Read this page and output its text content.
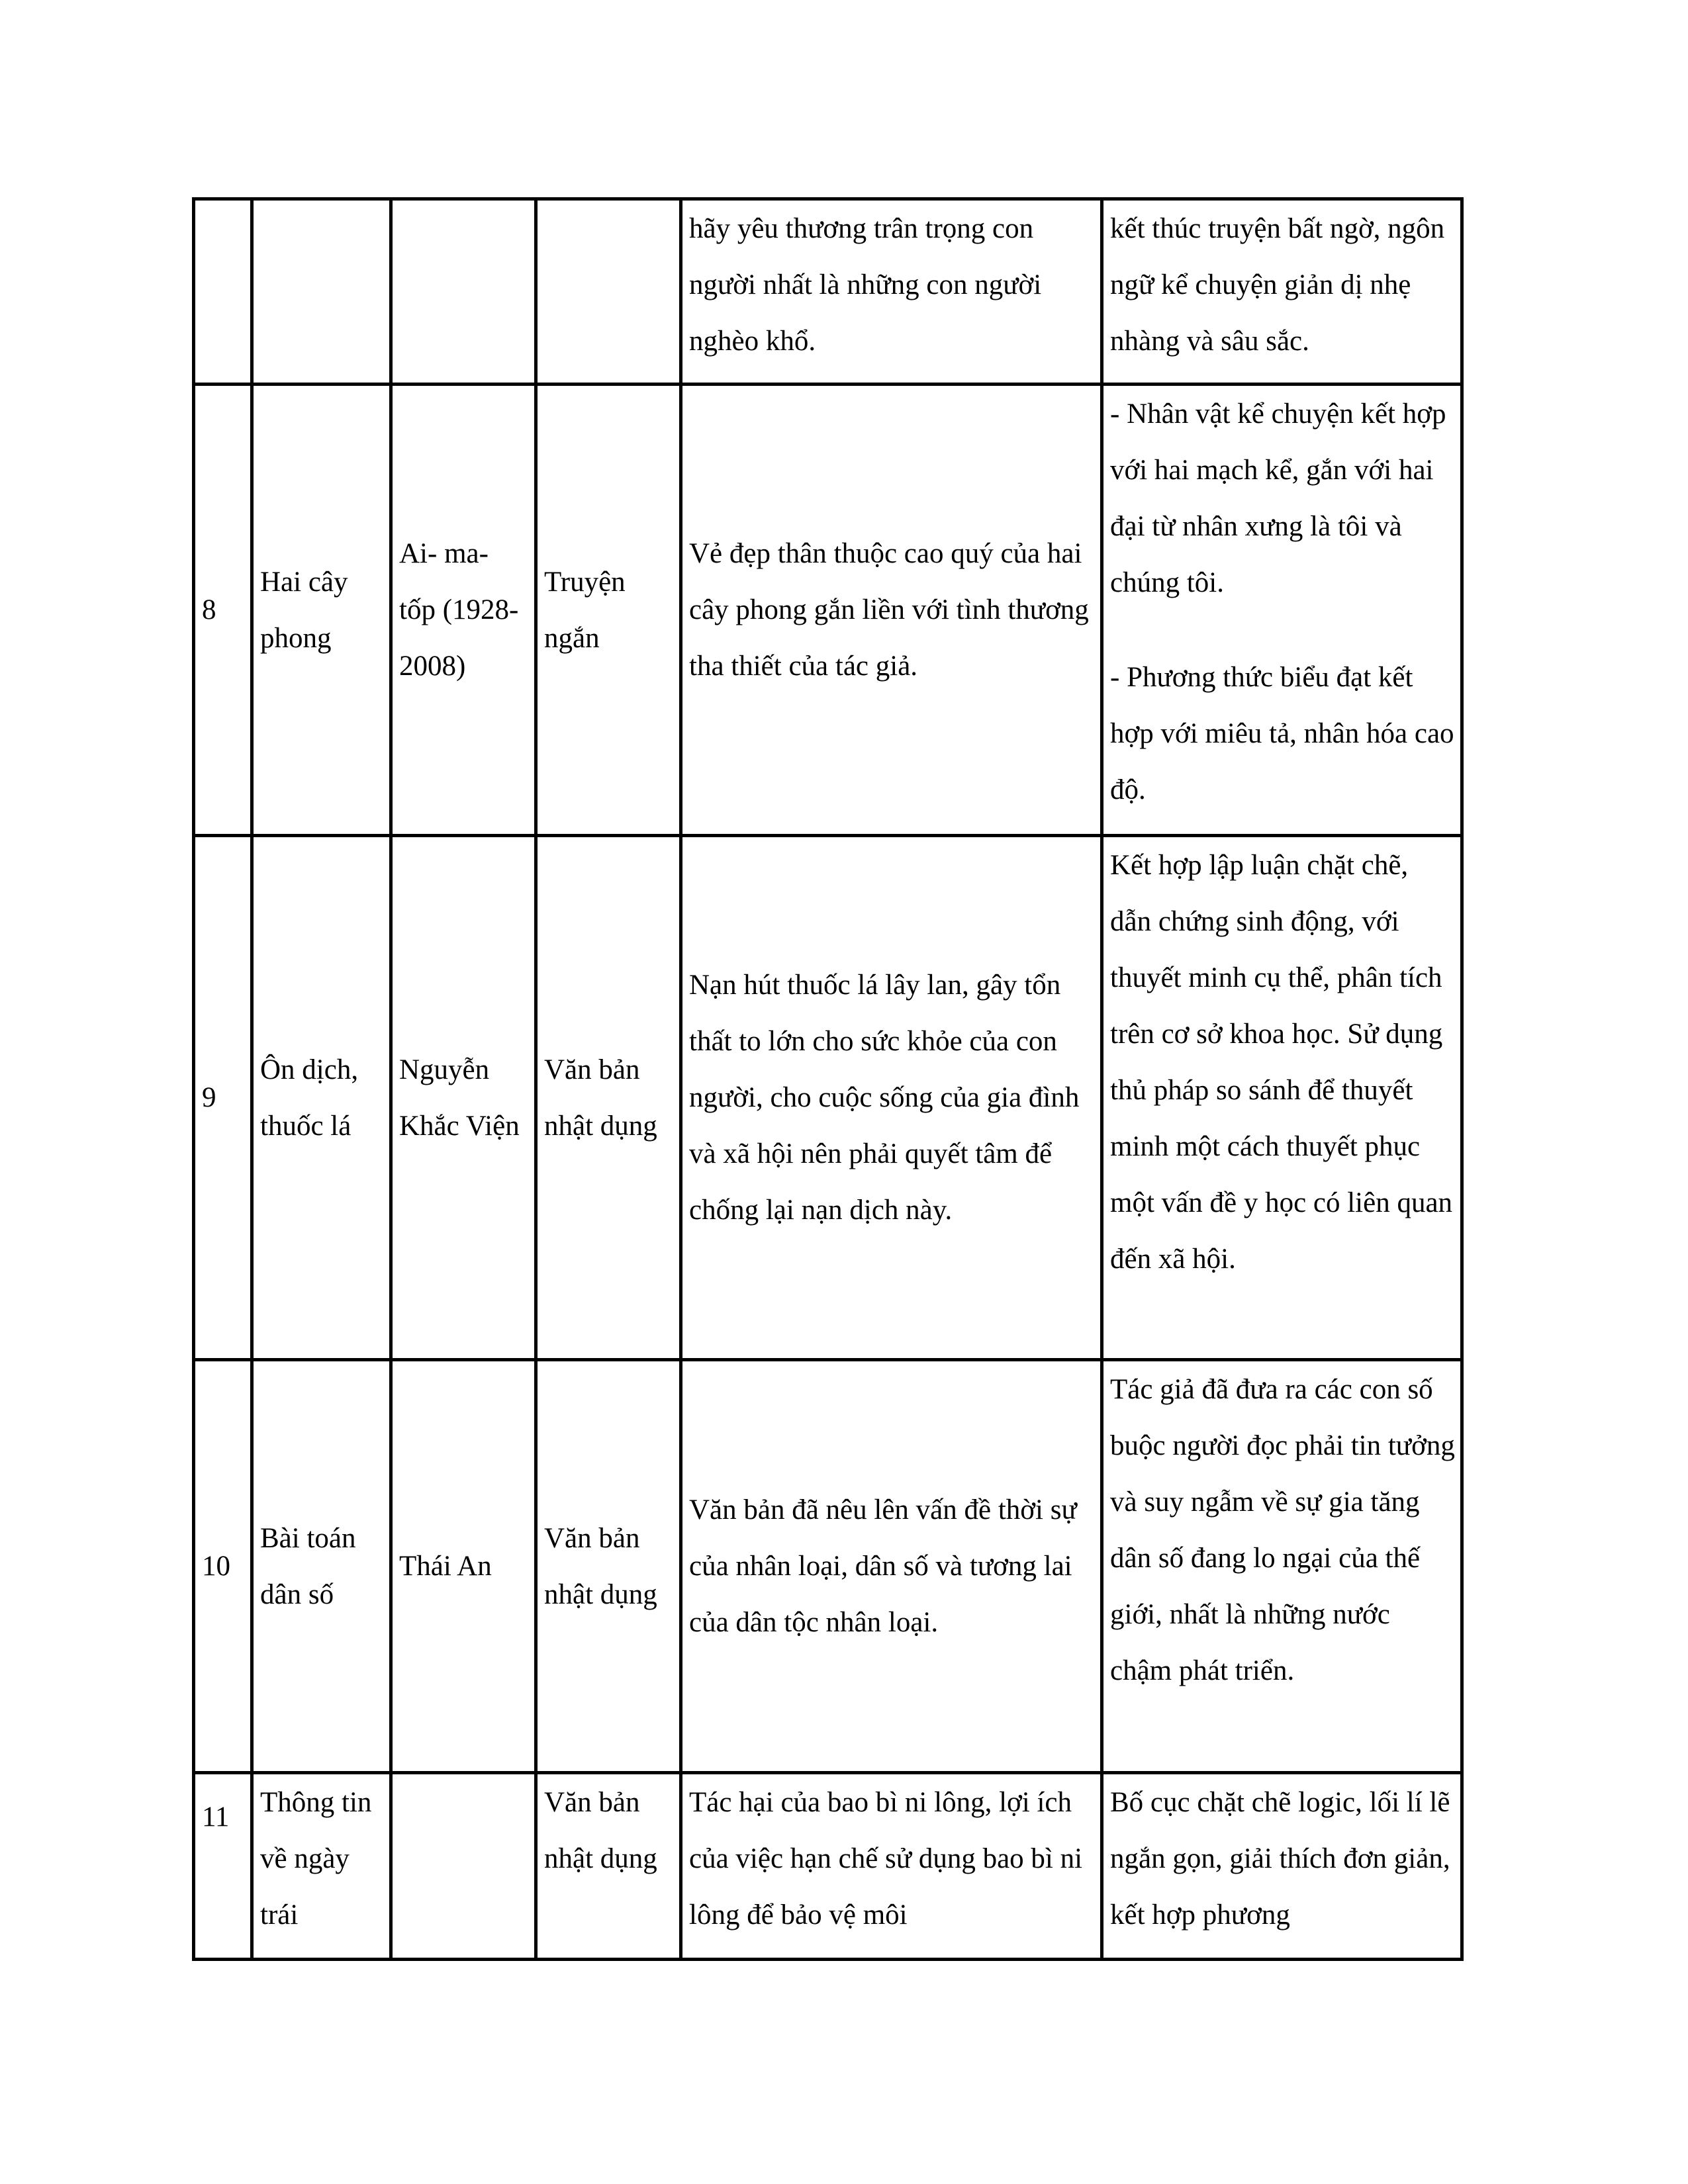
				hãy yêu thương trân trọng con người nhất là những con người nghèo khổ.	kết thúc truyện bất ngờ, ngôn ngữ kể chuyện giản dị nhẹ nhàng và sâu sắc.

8	Hai cây phong	Ai- ma- tốp (1928- 2008)	Truyện ngắn	Vẻ đẹp thân thuộc cao quý của hai cây phong gắn liền với tình thương tha thiết của tác giả.	- Nhân vật kể chuyện kết hợp với hai mạch kể, gắn với hai đại từ nhân xưng là tôi và chúng tôi.
- Phương thức biểu đạt kết hợp với miêu tả, nhân hóa cao độ.

9	Ôn dịch, thuốc lá	Nguyễn Khắc Viện	Văn bản nhật dụng	Nạn hút thuốc lá lây lan, gây tổn thất to lớn cho sức khỏe của con người, cho cuộc sống của gia đình và xã hội nên phải quyết tâm để chống lại nạn dịch này.	Kết hợp lập luận chặt chẽ, dẫn chứng sinh động, với thuyết minh cụ thể, phân tích trên cơ sở khoa học. Sử dụng thủ pháp so sánh để thuyết minh một cách thuyết phục một vấn đề y học có liên quan đến xã hội.

10	Bài toán dân số	Thái An	Văn bản nhật dụng	Văn bản đã nêu lên vấn đề thời sự của nhân loại, dân số và tương lai của dân tộc nhân loại.	Tác giả đã đưa ra các con số buộc người đọc phải tin tưởng và suy ngẫm về sự gia tăng dân số đang lo ngại của thế giới, nhất là những nước chậm phát triển.

11	Thông tin về ngày trái		Văn bản nhật dụng	Tác hại của bao bì ni lông, lợi ích của việc hạn chế sử dụng bao bì ni lông để bảo vệ môi	Bố cục chặt chẽ logic, lối lí lẽ ngắn gọn, giải thích đơn giản, kết hợp phương
